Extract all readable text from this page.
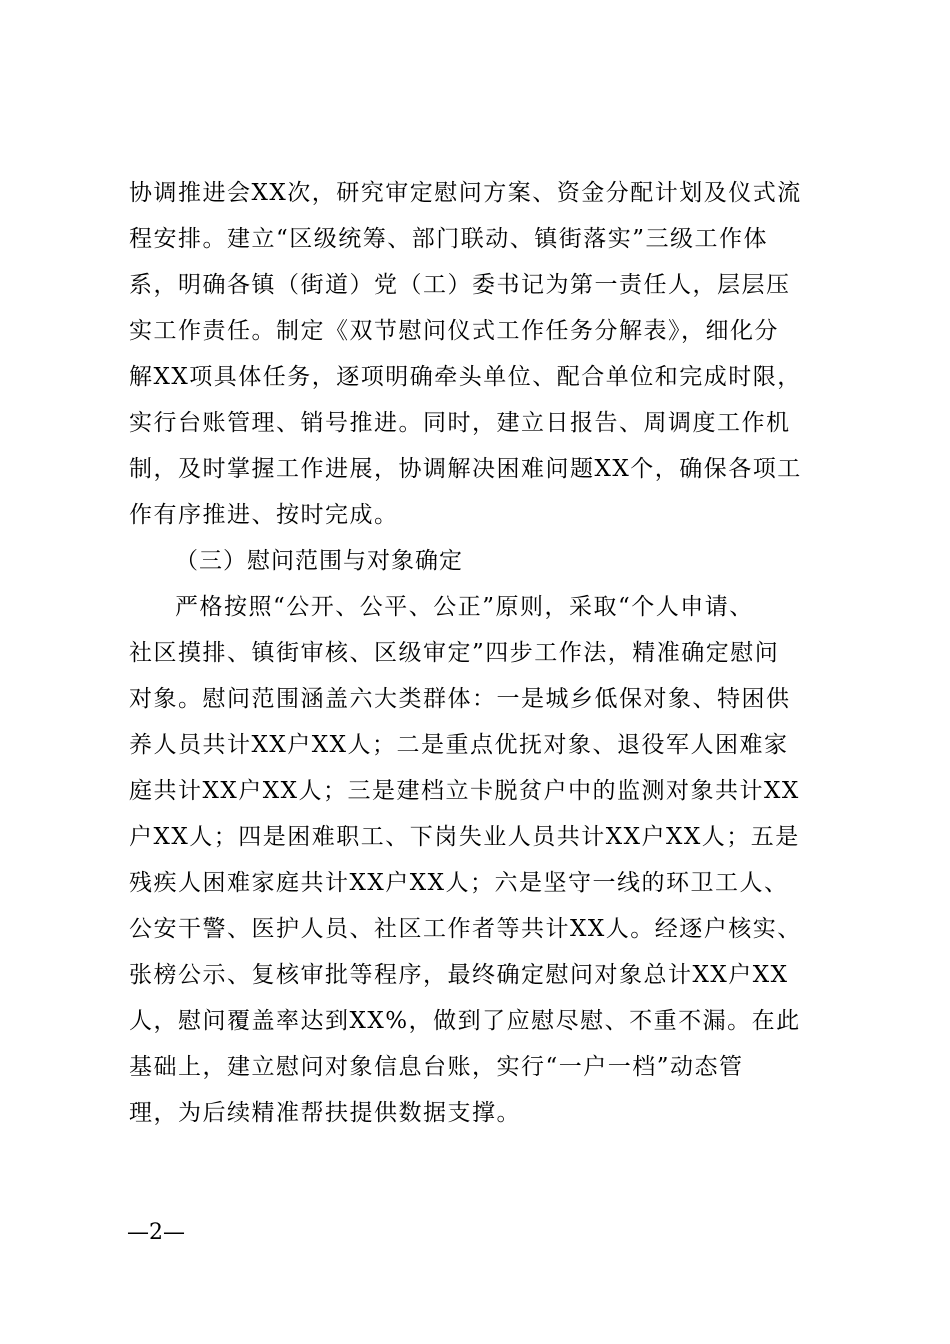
协调推进会XX次，研究审定慰问方案、资金分配计划及仪式流
程安排。建立“区级统筹、部门联动、镇街落实”三级工作体
系，明确各镇（街道）党（工）委书记为第一责任人，层层压
实工作责任。制定《双节慰问仪式工作任务分解表》，细化分
解XX项具体任务，逐项明确牵头单位、配合单位和完成时限，
实行台账管理、销号推进。同时，建立日报告、周调度工作机
制，及时掌握工作进展，协调解决困难问题XX个，确保各项工
作有序推进、按时完成。
（三）慰问范围与对象确定
严格按照“公开、公平、公正”原则，采取“个人申请、
社区摸排、镇街审核、区级审定”四步工作法，精准确定慰问
对象。慰问范围涵盖六大类群体：一是城乡低保对象、特困供
养人员共计XX户XX人；二是重点优抚对象、退役军人困难家
庭共计XX户XX人；三是建档立卡脱贫户中的监测对象共计XX
户XX人；四是困难职工、下岗失业人员共计XX户XX人；五是
残疾人困难家庭共计XX户XX人；六是坚守一线的环卫工人、
公安干警、医护人员、社区工作者等共计XX人。经逐户核实、
张榜公示、复核审批等程序，最终确定慰问对象总计XX户XX
人，慰问覆盖率达到XX%，做到了应慰尽慰、不重不漏。在此
基础上，建立慰问对象信息台账，实行“一户一档”动态管
理，为后续精准帮扶提供数据支撑。
—2—
